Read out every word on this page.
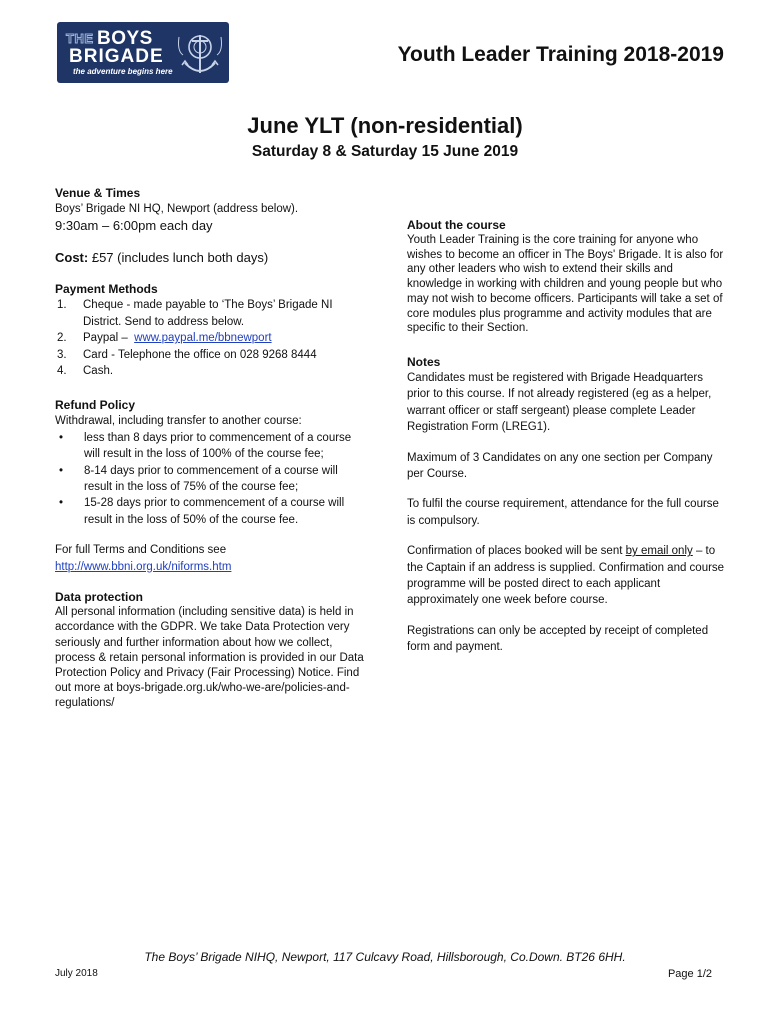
THE BOYS
BRIGADE
the adventure begins here
Youth Leader Training 2018-2019
June YLT (non-residential)
Saturday 8 & Saturday 15 June 2019
Venue & Times

Boys’ Brigade NI HQ, Newport (address below).

9:30am – 6:00pm each day

Cost: £57 (includes lunch both days)

Payment Methods
1. Cheque - made payable to ‘The Boys’ Brigade NI District. Send to address below.
2. Paypal – www.paypal.me/bbnewport
3. Card - Telephone the office on 028 9268 8444
4. Cash.
Refund Policy

Withdrawal, including transfer to another course:

• less than 8 days prior to commencement of a course will result in the loss of 100% of the course fee;
• 8-14 days prior to commencement of a course will result in the loss of 75% of the course fee;
• 15-28 days prior to commencement of a course will result in the loss of 50% of the course fee.

For full Terms and Conditions see

http://www.bbni.org.uk/niforms.htm

Data protection

All personal information (including sensitive data) is held in accordance with the GDPR. We take Data Protection very seriously and further information about how we collect, process & retain personal information is provided in our Data Protection Policy and Privacy (Fair Processing) Notice. Find out more at boys-brigade.org.uk/who-we-are/policies-and-regulations/

About the course

Youth Leader Training is the core training for anyone who wishes to become an officer in The Boys' Brigade. It is also for any other leaders who wish to extend their skills and knowledge in working with children and young people but who may not wish to become officers. Participants will take a set of core modules plus programme and activity modules that are specific to their Section.

Notes

Candidates must be registered with Brigade Headquarters prior to this course. If not already registered (eg as a helper, warrant officer or staff sergeant) please complete Leader Registration Form (LREG1).

Maximum of 3 Candidates on any one section per Company per Course.

To fulfil the course requirement, attendance for the full course is compulsory.

Confirmation of places booked will be sent by email only – to the Captain if an address is supplied. Confirmation and course programme will be posted direct to each applicant approximately one week before course.

Registrations can only be accepted by receipt of completed form and payment.

The Boys’ Brigade NIHQ, Newport, 117 Culcavy Road, Hillsborough, Co.Down. BT26 6HH.
July 2018	Page 1/2
